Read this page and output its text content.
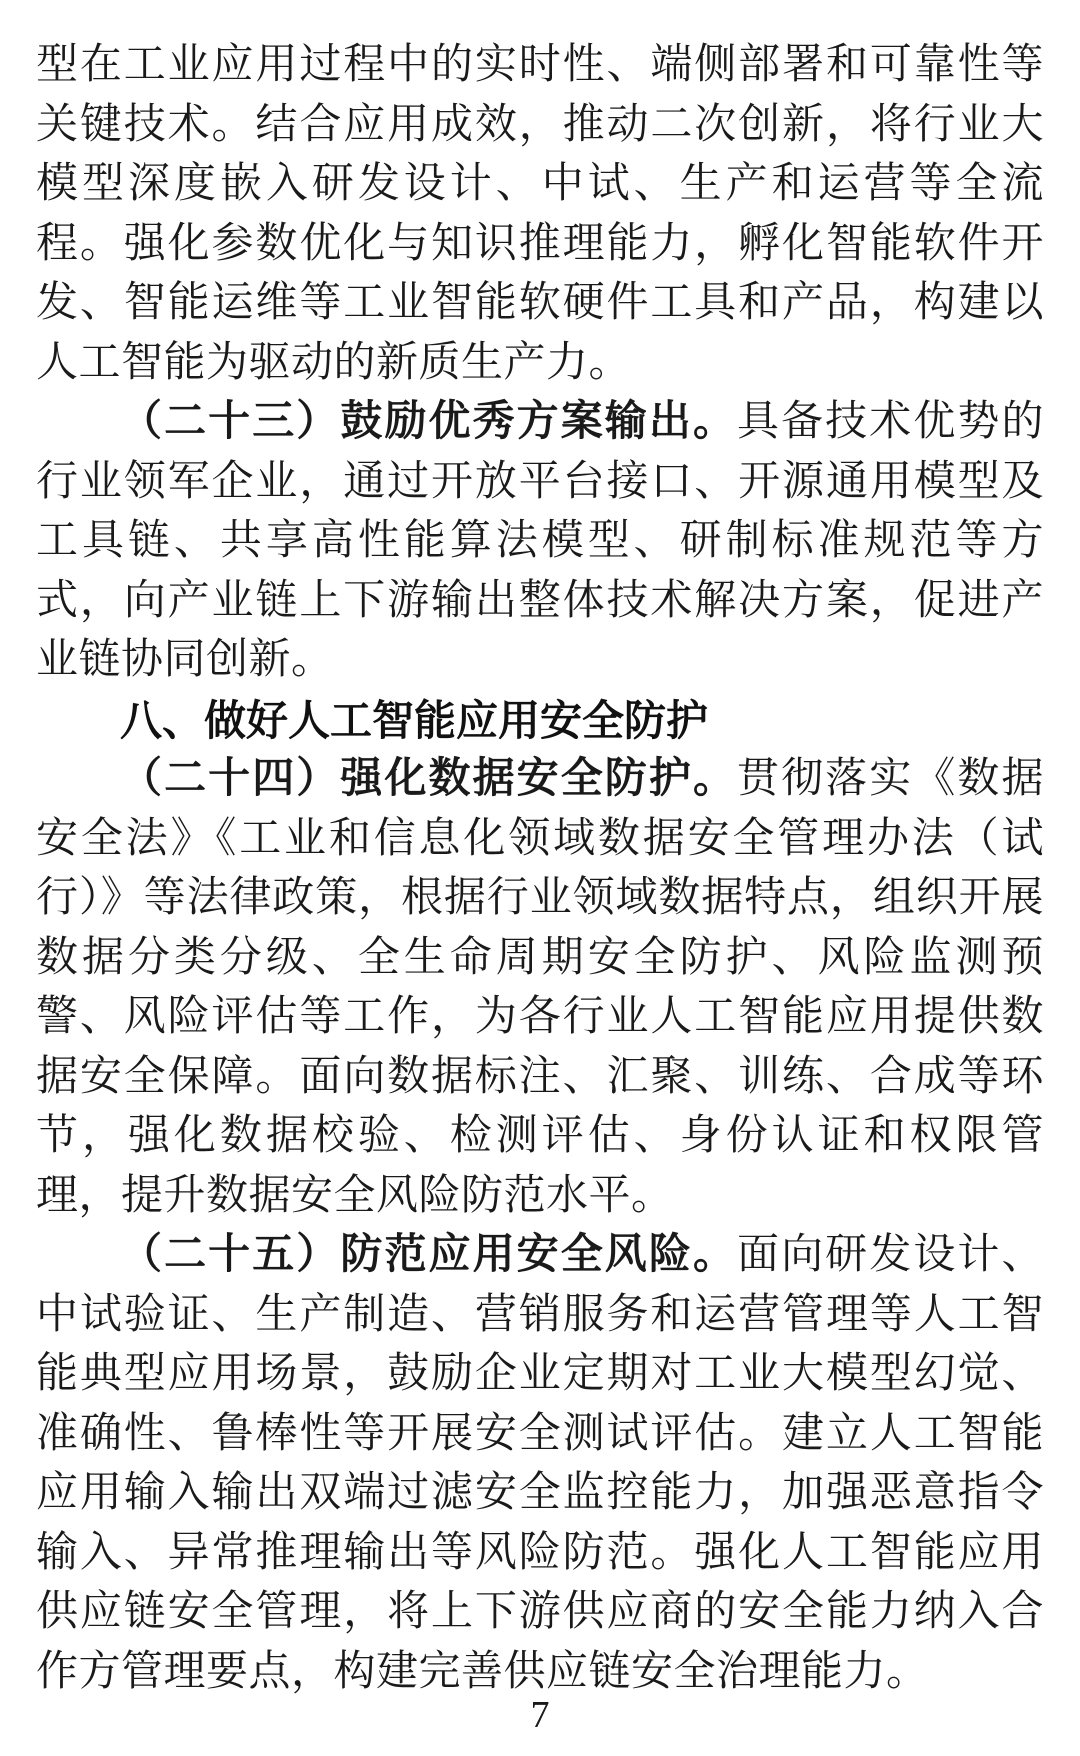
型在工业应用过程中的实时性、端侧部署和可靠性等关键技术。结合应用成效，推动二次创新，将行业大模型深度嵌入研发设计、中试、生产和运营等全流程。强化参数优化与知识推理能力，孵化智能软件开发、智能运维等工业智能软硬件工具和产品，构建以人工智能为驱动的新质生产力。

（二十三）鼓励优秀方案输出。具备技术优势的行业领军企业，通过开放平台接口、开源通用模型及工具链、共享高性能算法模型、研制标准规范等方式，向产业链上下游输出整体技术解决方案，促进产业链协同创新。

八、做好人工智能应用安全防护

（二十四）强化数据安全防护。贯彻落实《数据安全法》《工业和信息化领域数据安全管理办法（试行）》等法律政策，根据行业领域数据特点，组织开展数据分类分级、全生命周期安全防护、风险监测预警、风险评估等工作，为各行业人工智能应用提供数据安全保障。面向数据标注、汇聚、训练、合成等环节，强化数据校验、检测评估、身份认证和权限管理，提升数据安全风险防范水平。

（二十五）防范应用安全风险。面向研发设计、中试验证、生产制造、营销服务和运营管理等人工智能典型应用场景，鼓励企业定期对工业大模型幻觉、准确性、鲁棒性等开展安全测试评估。建立人工智能应用输入输出双端过滤安全监控能力，加强恶意指令输入、异常推理输出等风险防范。强化人工智能应用供应链安全管理，将上下游供应商的安全能力纳入合作方管理要点，构建完善供应链安全治理能力。

7
